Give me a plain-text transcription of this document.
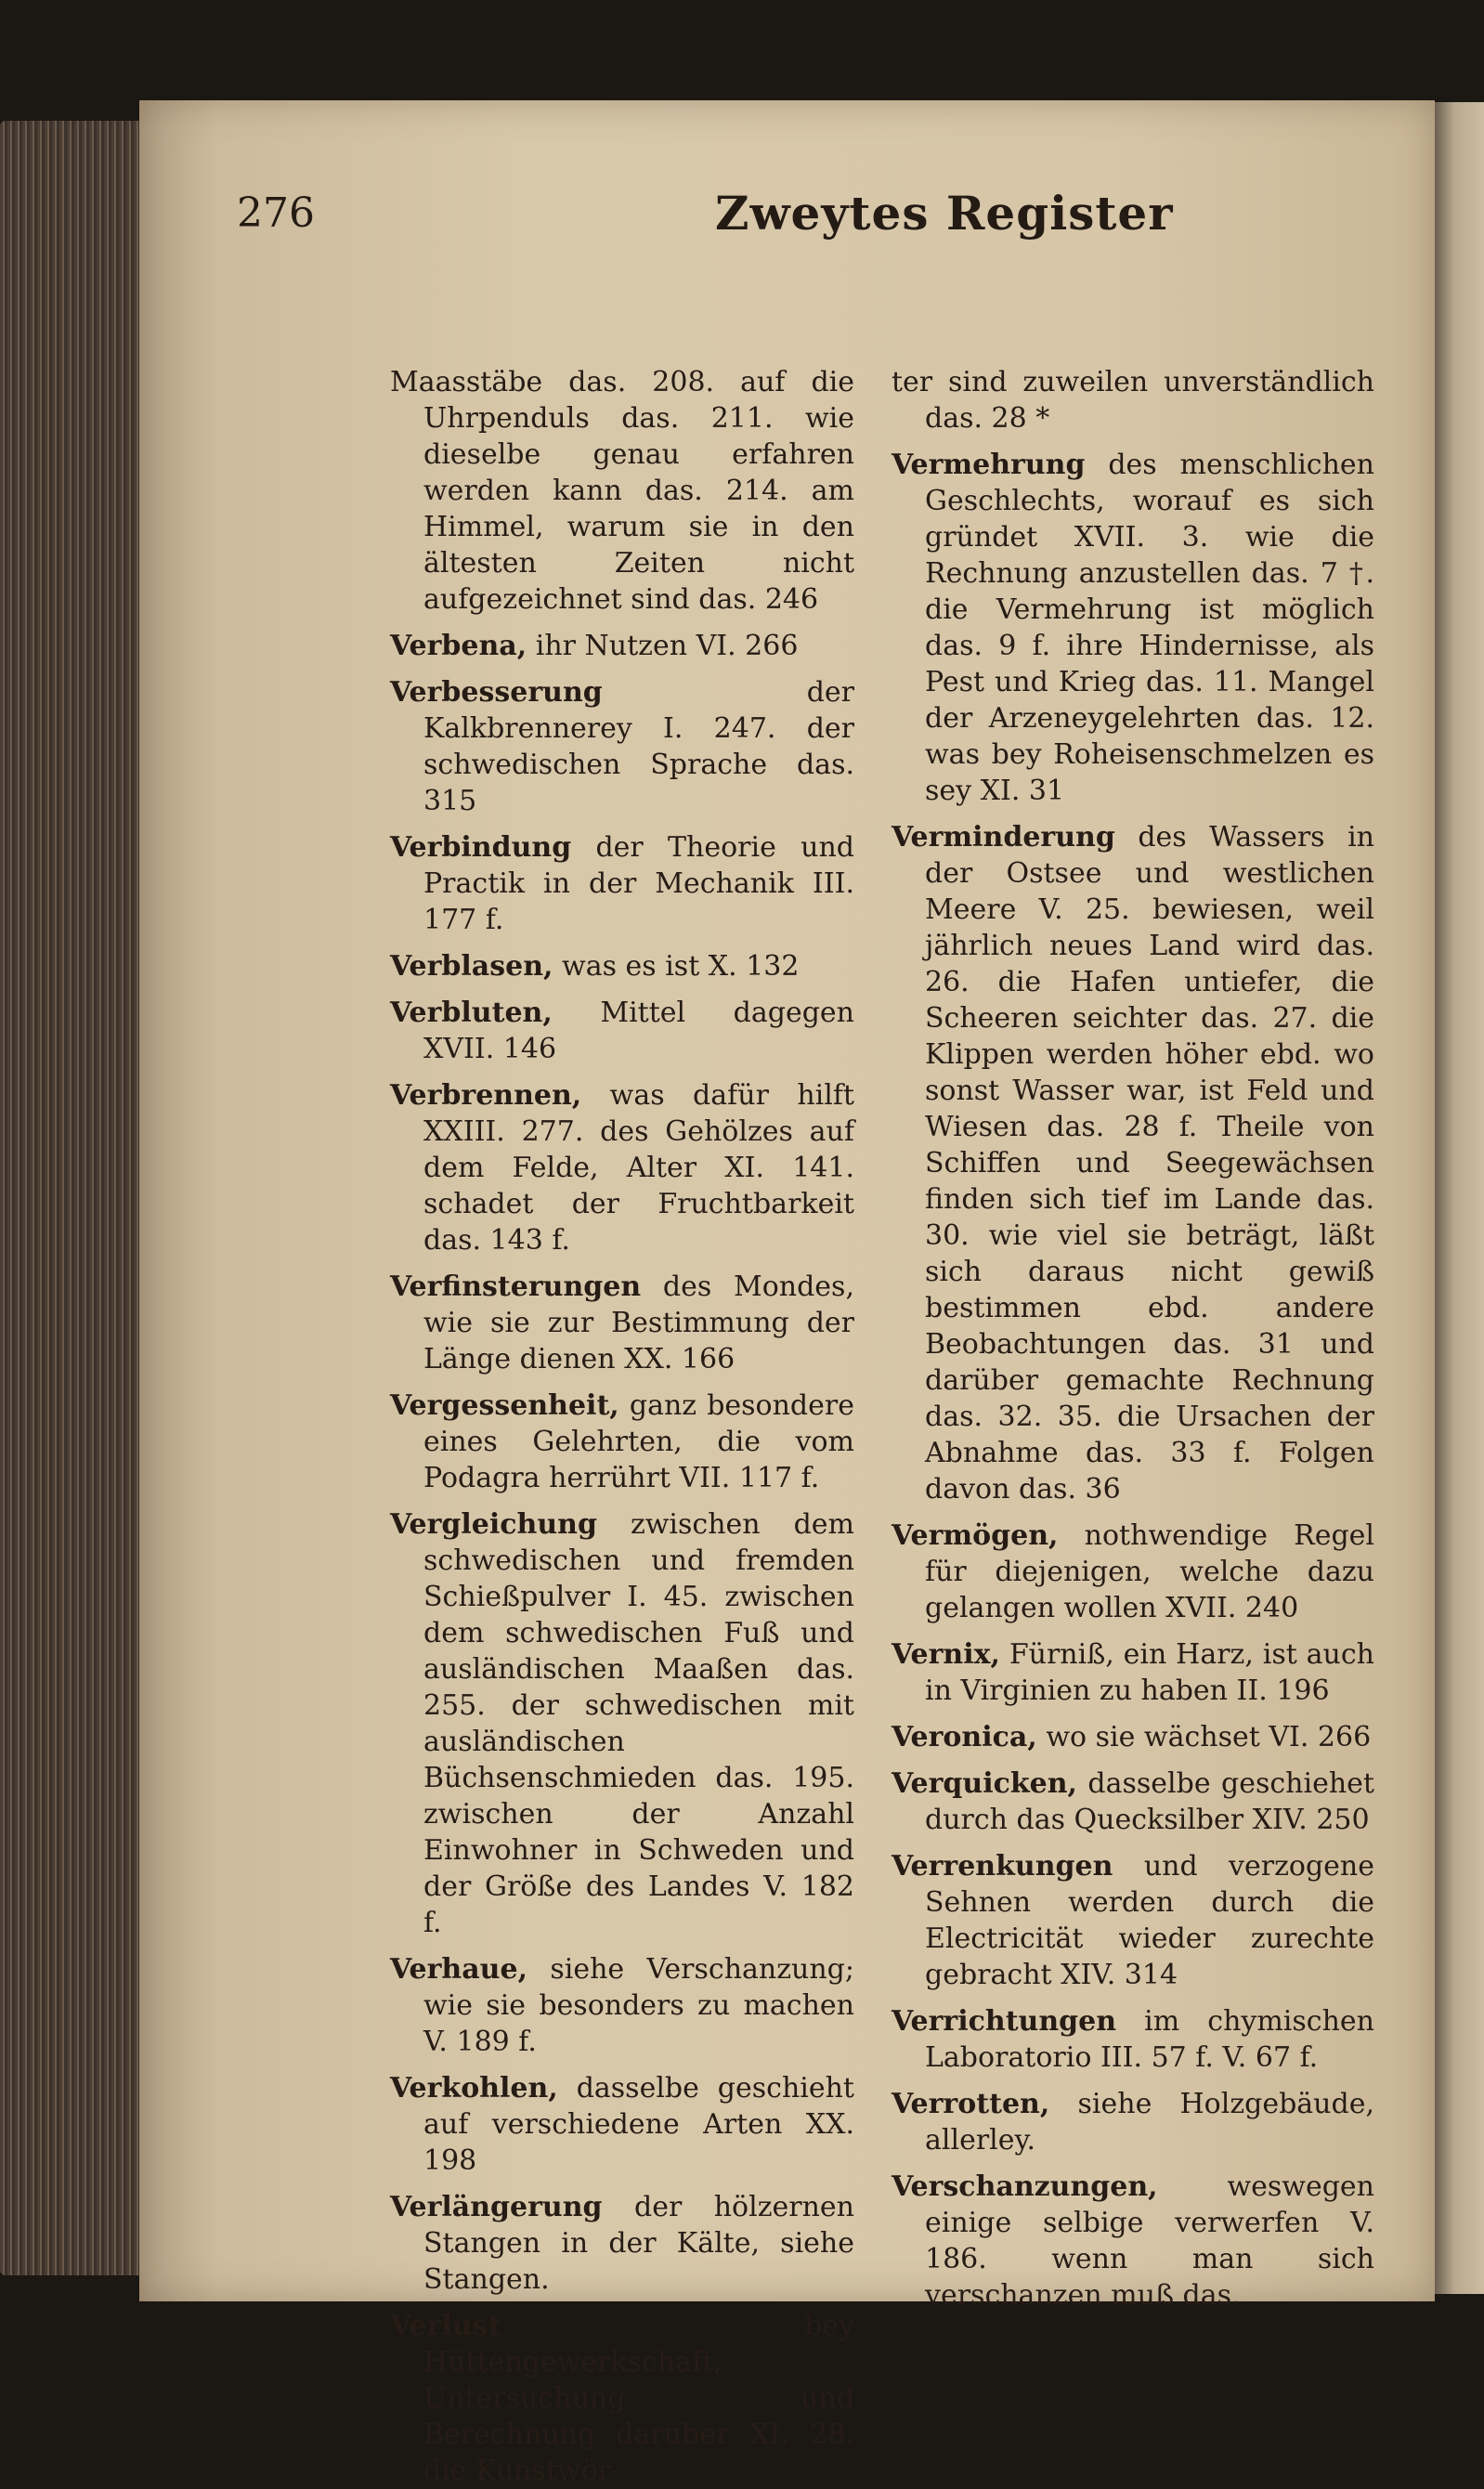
276	Zweytes Register

Maasstäbe das. 208. auf die Uhrpenduls das. 211. wie dieselbe genau erfahren werden kann das. 214. am Himmel, warum sie in den ältesten Zeiten nicht aufgezeichnet sind das. 246

Verbena, ihr Nutzen VI. 266

Verbesserung	der Kalkbrennerey I. 247. der schwedischen Sprache das. 315

Verbindung der Theorie und Practik in der Mechanik III. 177 f.

Verblasen, was es ist X. 132

Verbluten, Mittel dagegen XVII. 146

Verbrennen, was dafür hilft XXIII. 277. des Gehölzes auf dem Felde, Alter XI. 141. schadet der Fruchtbarkeit das. 143 f.

Verfinsterungen des Mondes, wie sie zur Bestimmung der Länge dienen XX. 166

Vergessenheit, ganz besondere eines Gelehrten, die vom Podagra herrührt VII. 117 f.

Vergleichung zwischen dem schwedischen und fremden Schießpulver I. 45. zwischen dem schwedischen Fuß und ausländischen Maaßen das. 255. der schwedischen mit ausländischen Büchsenschmieden das. 195. zwischen der Anzahl Einwohner in Schweden und der Größe des Landes V. 182 f.

Verhaue, siehe Verschanzung; wie sie besonders zu machen V. 189 f.

Verkohlen, dasselbe geschieht auf verschiedene Arten XX. 198

Verlängerung der hölzernen Stangen in der Kälte, siehe Stangen.

Verlust	bey Hüttengewerkschaft, Untersuchung und Berechnung darüber XI. 28. die Kunstwör-

ter sind zuweilen unverständlich das. 28 *

Vermehrung des menschlichen Geschlechts, worauf es sich gründet XVII. 3. wie die Rechnung anzustellen das. 7 †. die Vermehrung ist möglich das. 9 f. ihre Hindernisse, als Pest und Krieg das. 11. Mangel der Arzeneygelehrten das. 12. was bey Roheisenschmelzen es sey XI. 31

Verminderung des Wassers in der Ostsee und westlichen Meere V. 25. bewiesen, weil jährlich neues Land wird das. 26. die Hafen untiefer, die Scheeren seichter das. 27. die Klippen werden höher ebd. wo sonst Wasser war, ist Feld und Wiesen das. 28 f. Theile von Schiffen und Seegewächsen finden sich tief im Lande das. 30. wie viel sie beträgt, läßt sich daraus nicht gewiß bestimmen ebd. andere Beobachtungen das. 31 und darüber gemachte Rechnung das. 32. 35. die Ursachen der Abnahme das. 33 f. Folgen davon das. 36

Vermögen, nothwendige Regel für diejenigen, welche dazu gelangen wollen XVII. 240

Vernix, Fürniß, ein Harz, ist auch in Virginien zu haben II. 196

Veronica, wo sie wächset VI. 266

Verquicken, dasselbe geschiehet durch das Quecksilber XIV. 250

Verrenkungen und verzogene Sehnen werden durch die Electricität wieder zurechte gebracht XIV. 314

Verrichtungen im chymischen Laboratorio III. 57 f. V. 67 f.

Verrotten, siehe Holzgebäude, allerley.

Verschanzungen, weswegen einige selbige verwerfen V. 186. wenn man sich verschanzen muß das.
